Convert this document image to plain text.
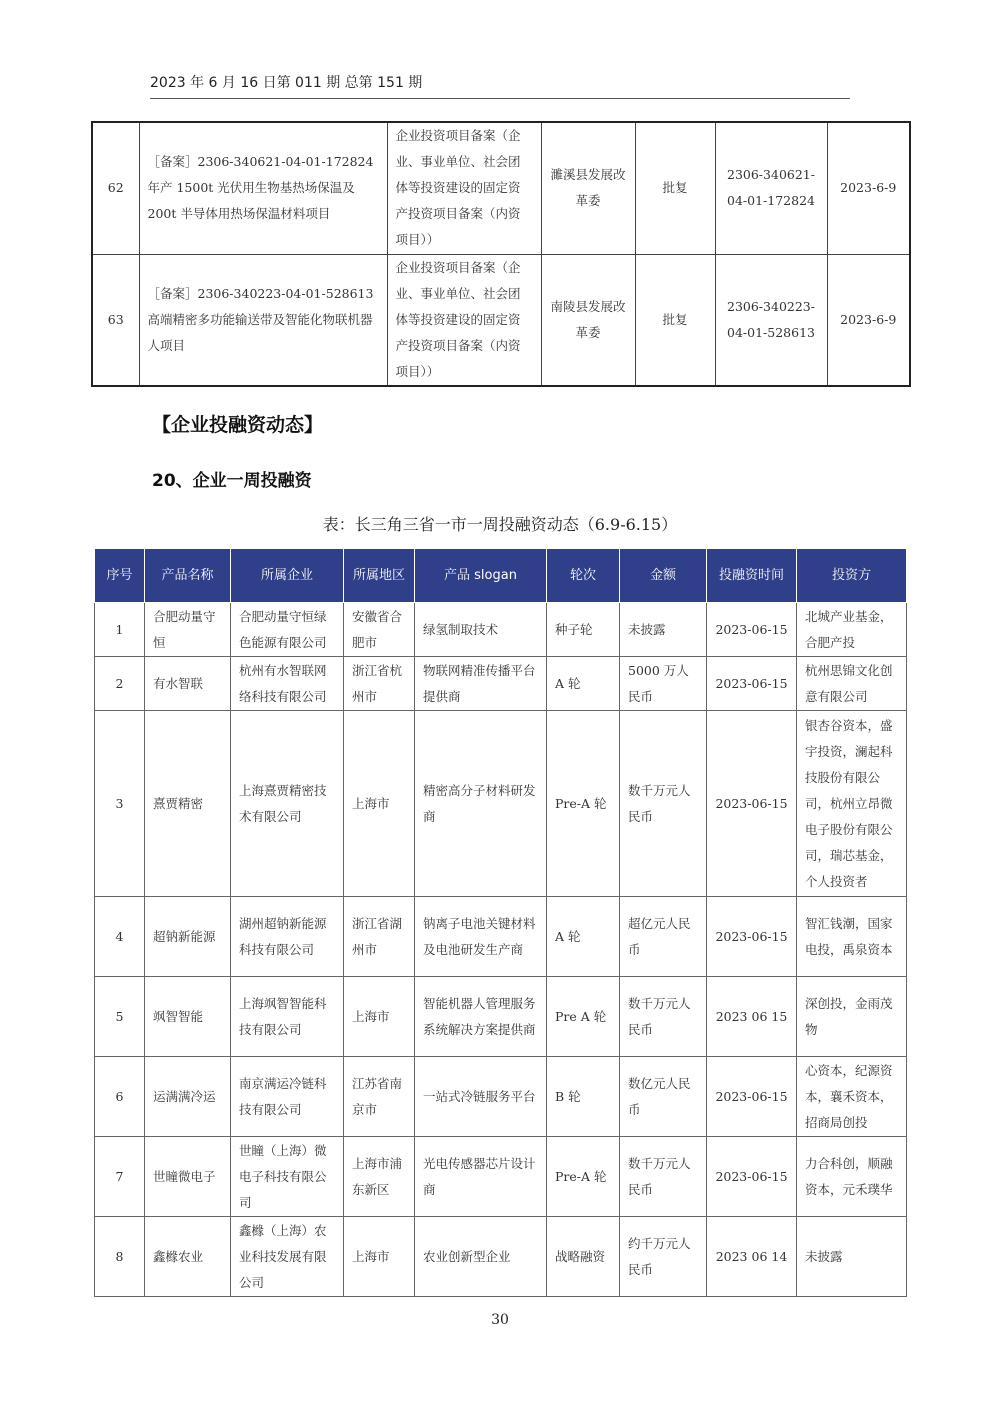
2023 年 6 月 16 日第 011 期 总第 151 期
62	［备案］2306-340621-04-01-172824 年产 1500t 光伏用生物基热场保温及 200t 半导体用热场保温材料项目	企业投资项目备案（企业、事业单位、社会团体等投资建设的固定资产投资项目备案（内资项目））	濉溪县发展改革委	批复	2306-340621-04-01-172824	2023-6-9
63	［备案］2306-340223-04-01-528613 高端精密多功能输送带及智能化物联机器人项目	企业投资项目备案（企业、事业单位、社会团体等投资建设的固定资产投资项目备案（内资项目））	南陵县发展改革委	批复	2306-340223-04-01-528613	2023-6-9
【企业投融资动态】
20、企业一周投融资
表：长三角三省一市一周投融资动态（6.9-6.15）
序号	产品名称	所属企业	所属地区	产品 slogan	轮次	金额	投融资时间	投资方
1	合肥动量守恒	合肥动量守恒绿色能源有限公司	安徽省合肥市	绿氢制取技术	种子轮	未披露	2023-06-15	北城产业基金，合肥产投
2	有水智联	杭州有水智联网络科技有限公司	浙江省杭州市	物联网精准传播平台提供商	A 轮	5000 万人民币	2023-06-15	杭州思锦文化创意有限公司
3	熹贾精密	上海熹贾精密技术有限公司	上海市	精密高分子材料研发商	Pre-A 轮	数千万元人民币	2023-06-15	银杏谷资本，盛宇投资，澜起科技股份有限公司，杭州立昂微电子股份有限公司，瑞芯基金，个人投资者
4	超钠新能源	湖州超钠新能源科技有限公司	浙江省湖州市	钠离子电池关键材料及电池研发生产商	A 轮	超亿元人民币	2023-06-15	智汇钱潮，国家电投，禹泉资本
5	飒智智能	上海飒智智能科技有限公司	上海市	智能机器人管理服务系统解决方案提供商	Pre A 轮	数千万元人民币	2023 06 15	深创投，金雨茂物
6	运满满冷运	南京满运冷链科技有限公司	江苏省南京市	一站式冷链服务平台	B 轮	数亿元人民币	2023-06-15	心资本，纪源资本，襄禾资本，招商局创投
7	世瞳微电子	世瞳（上海）微电子科技有限公司	上海市浦东新区	光电传感器芯片设计商	Pre-A 轮	数千万元人民币	2023-06-15	力合科创，顺融资本，元禾璞华
8	鑫橼农业	鑫橼（上海）农业科技发展有限公司	上海市	农业创新型企业	战略融资	约千万元人民币	2023 06 14	未披露
30
